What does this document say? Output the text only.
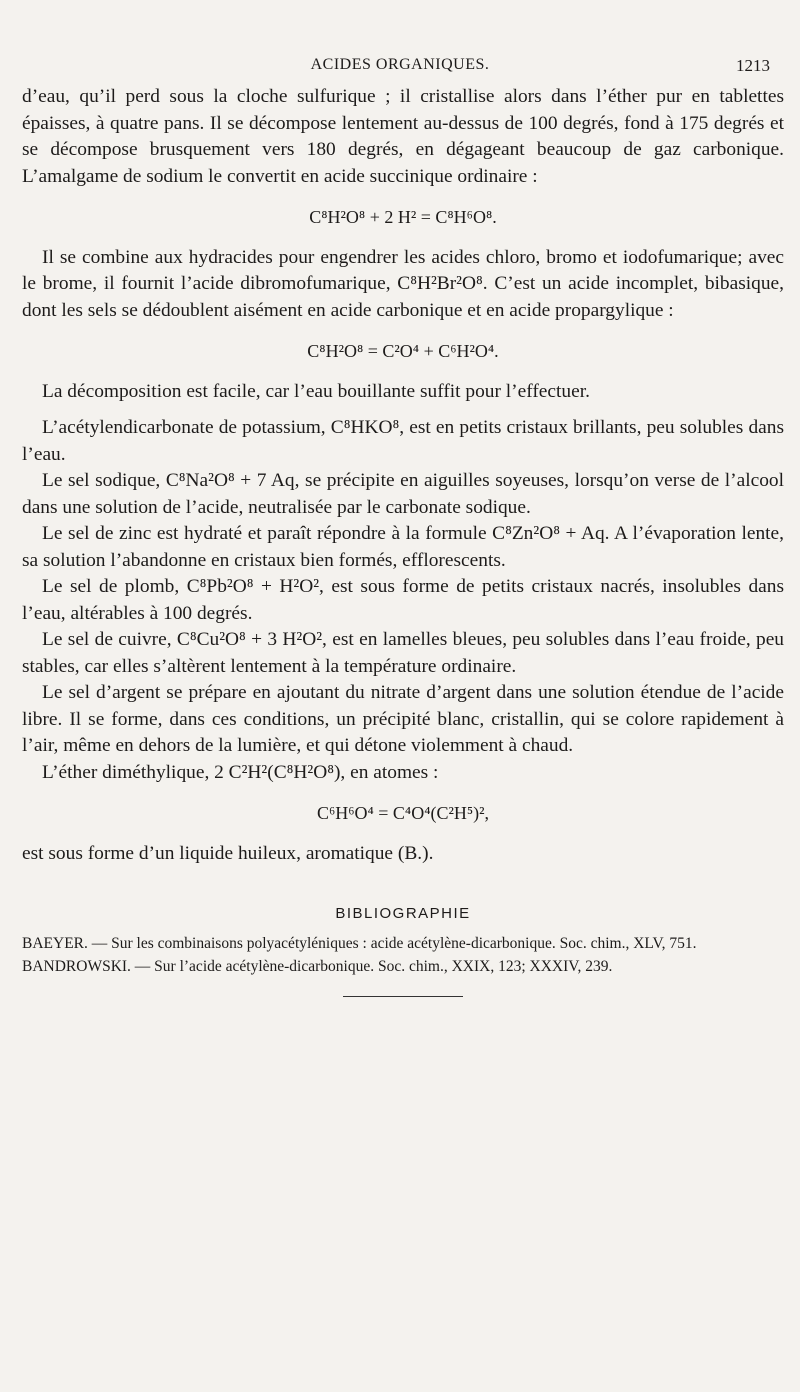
ACIDES ORGANIQUES.	1213

d’eau, qu’il perd sous la cloche sulfurique ; il cristallise alors dans l’éther pur en tablettes épaisses, à quatre pans. Il se décompose lentement au-dessus de 100 degrés, fond à 175 degrés et se décompose brusquement vers 180 degrés, en dégageant beaucoup de gaz carbonique. L’amalgame de sodium le convertit en acide succinique ordinaire :

C⁸H²O⁸ + 2 H² = C⁸H⁶O⁸.

Il se combine aux hydracides pour engendrer les acides chloro, bromo et iodofumarique; avec le brome, il fournit l’acide dibromofumarique, C⁸H²Br²O⁸. C’est un acide incomplet, bibasique, dont les sels se dédoublent aisément en acide carbonique et en acide propargylique :

C⁸H²O⁸ = C²O⁴ + C⁶H²O⁴.

La décomposition est facile, car l’eau bouillante suffit pour l’effectuer.

L’acétylendicarbonate de potassium, C⁸HKO⁸, est en petits cristaux brillants, peu solubles dans l’eau.

Le sel sodique, C⁸Na²O⁸ + 7 Aq, se précipite en aiguilles soyeuses, lorsqu’on verse de l’alcool dans une solution de l’acide, neutralisée par le carbonate sodique.

Le sel de zinc est hydraté et paraît répondre à la formule C⁸Zn²O⁸ + Aq. A l’évaporation lente, sa solution l’abandonne en cristaux bien formés, efflorescents.

Le sel de plomb, C⁸Pb²O⁸ + H²O², est sous forme de petits cristaux nacrés, insolubles dans l’eau, altérables à 100 degrés.

Le sel de cuivre, C⁸Cu²O⁸ + 3 H²O², est en lamelles bleues, peu solubles dans l’eau froide, peu stables, car elles s’altèrent lentement à la température ordinaire.

Le sel d’argent se prépare en ajoutant du nitrate d’argent dans une solution étendue de l’acide libre. Il se forme, dans ces conditions, un précipité blanc, cristallin, qui se colore rapidement à l’air, même en dehors de la lumière, et qui détone violemment à chaud.

L’éther diméthylique, 2 C²H²(C⁸H²O⁸), en atomes :

C⁶H⁶O⁴ = C⁴O⁴(C²H⁵)²,

est sous forme d’un liquide huileux, aromatique (B.).

BIBLIOGRAPHIE

BAEYER. — Sur les combinaisons polyacétyléniques : acide acétylène-dicarbonique. Soc. chim., XLV, 751.

BANDROWSKI. — Sur l’acide acétylène-dicarbonique. Soc. chim., XXIX, 123; XXXIV, 239.
